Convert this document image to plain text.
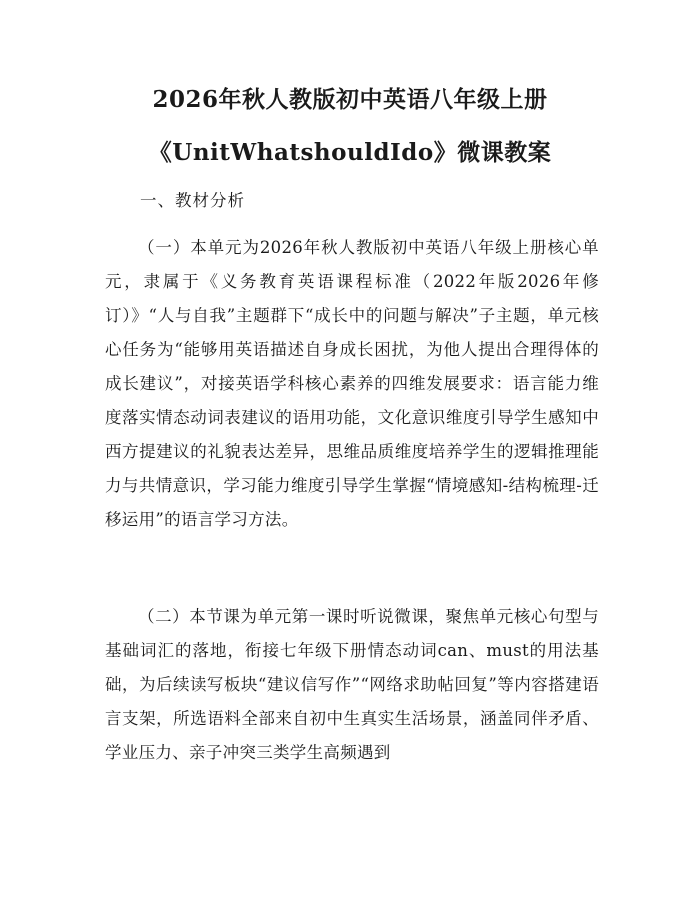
2026年秋人教版初中英语八年级上册
《UnitWhatshouldIdo》微课教案
一、教材分析
（一）本单元为2026年秋人教版初中英语八年级上册核心单元，隶属于《义务教育英语课程标准（2022年版2026年修订）》“人与自我”主题群下“成长中的问题与解决”子主题，单元核心任务为“能够用英语描述自身成长困扰，为他人提出合理得体的成长建议”，对接英语学科核心素养的四维发展要求：语言能力维度落实情态动词表建议的语用功能，文化意识维度引导学生感知中西方提建议的礼貌表达差异，思维品质维度培养学生的逻辑推理能力与共情意识，学习能力维度引导学生掌握“情境感知-结构梳理-迁移运用”的语言学习方法。
（二）本节课为单元第一课时听说微课，聚焦单元核心句型与基础词汇的落地，衔接七年级下册情态动词can、must的用法基础，为后续读写板块“建议信写作”“网络求助帖回复”等内容搭建语言支架，所选语料全部来自初中生真实生活场景，涵盖同伴矛盾、学业压力、亲子冲突三类学生高频遇到
